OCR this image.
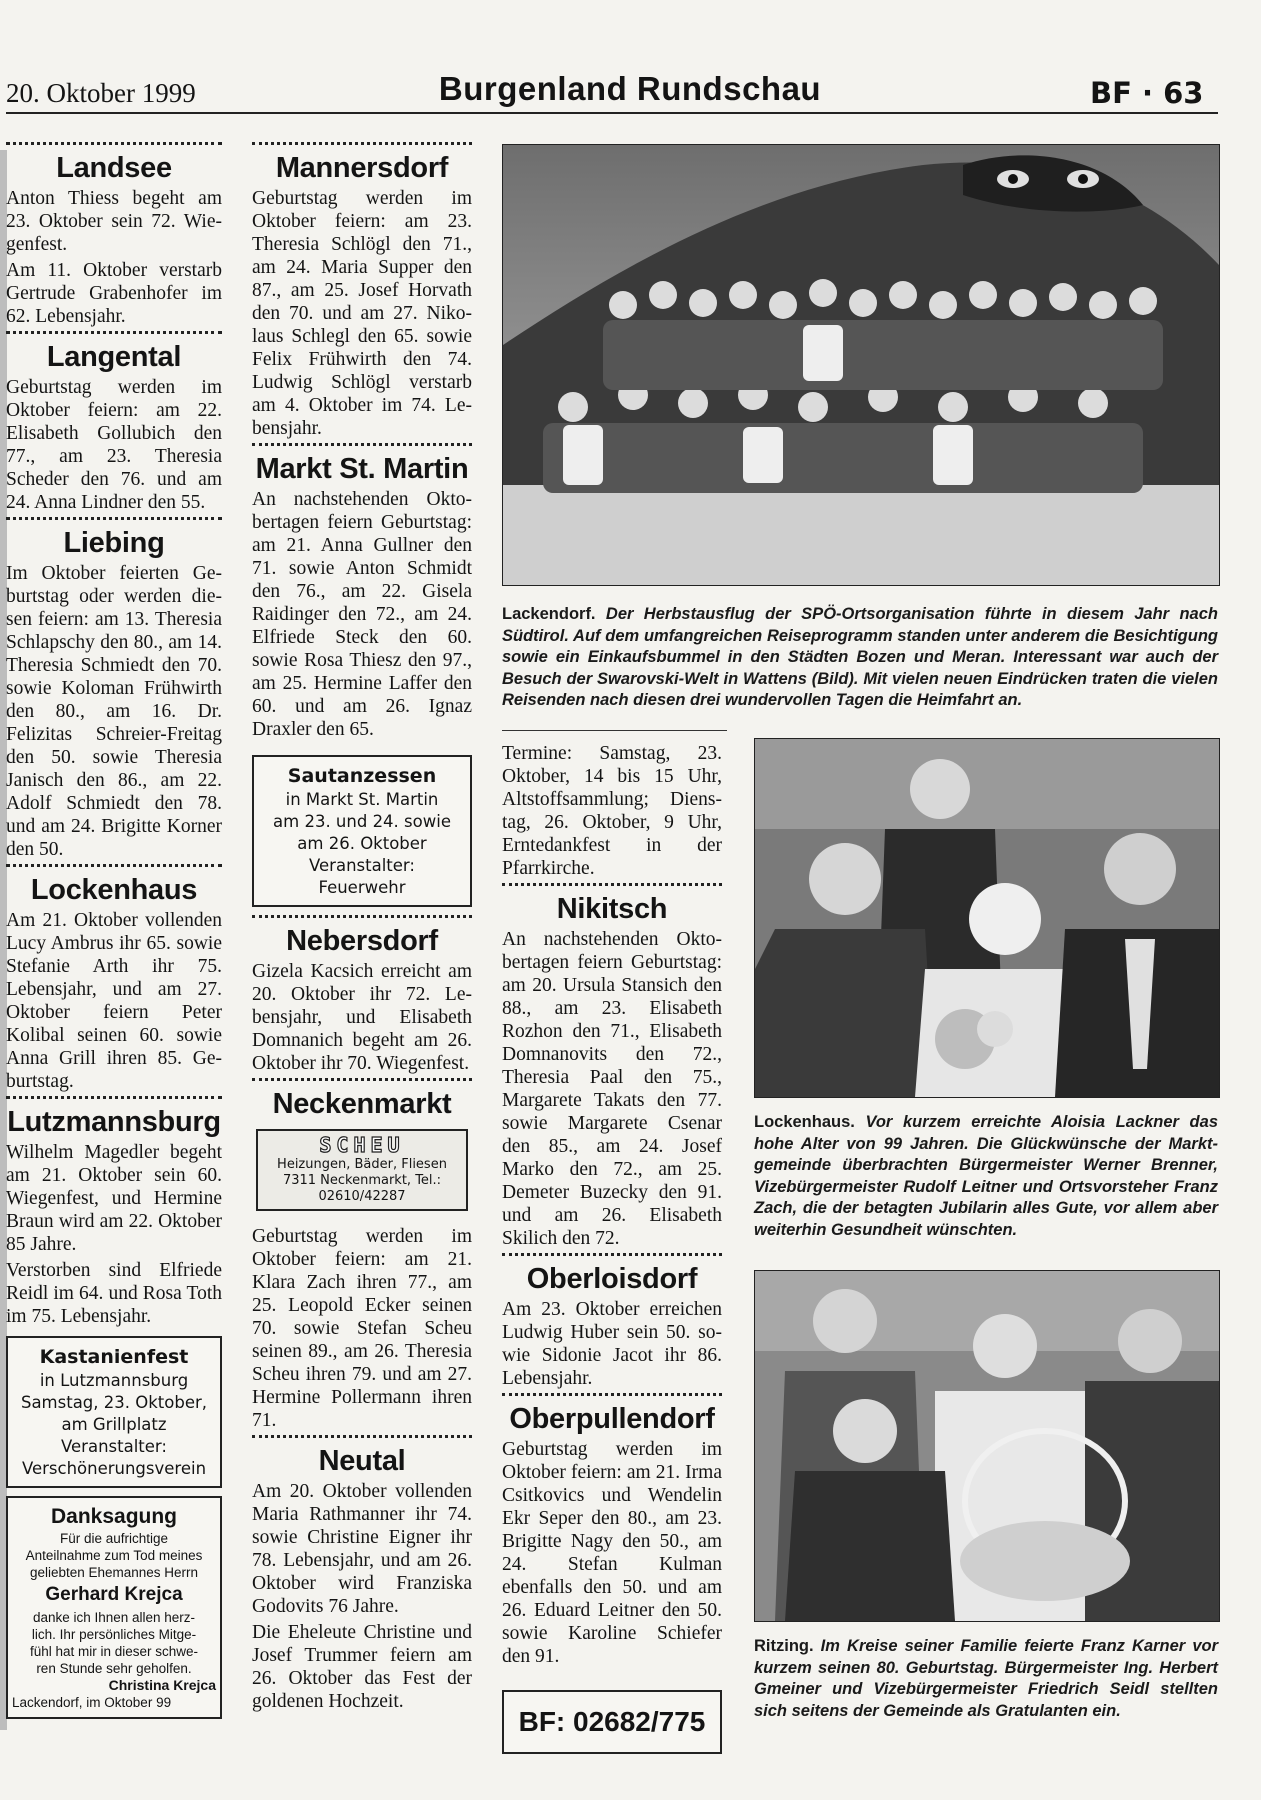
20. Oktober 1999	Burgenland Rundschau	BF · 63
Landsee
Anton Thiess begeht am 23. Oktober sein 72. Wiegenfest.
Am 11. Oktober verstarb Gertrude Grabenhofer im 62. Lebensjahr.
Langental
Geburtstag werden im Oktober feiern: am 22. Elisabeth Gollubich den 77., am 23. Theresia Scheder den 76. und am 24. Anna Lindner den 55.
Liebing
Im Oktober feierten Geburtstag oder werden diesen feiern: am 13. Theresia Schlapschy den 80., am 14. Theresia Schmiedt den 70. sowie Koloman Frühwirth den 80., am 16. Dr. Felizitas Schreier-Freitag den 50. sowie Theresia Janisch den 86., am 22. Adolf Schmiedt den 78. und am 24. Brigitte Korner den 50.
Lockenhaus
Am 21. Oktober vollenden Lucy Ambrus ihr 65. sowie Stefanie Arth ihr 75. Lebensjahr, und am 27. Oktober feiern Peter Kolibal seinen 60. sowie Anna Grill ihren 85. Geburtstag.
Lutzmannsburg
Wilhelm Magedler begeht am 21. Oktober sein 60. Wiegenfest, und Hermine Braun wird am 22. Oktober 85 Jahre.
Verstorben sind Elfriede Reidl im 64. und Rosa Toth im 75. Lebensjahr.
Kastanienfest
in Lutzmannsburg
Samstag, 23. Oktober,
am Grillplatz
Veranstalter:
Verschönerungsverein
Danksagung
Für die aufrichtige
Anteilnahme zum Tod meines
geliebten Ehemannes Herrn
Gerhard Krejca
danke ich Ihnen allen herz-
lich. Ihr persönliches Mitge-
fühl hat mir in dieser schwe-
ren Stunde sehr geholfen.
Christina Krejca
Lackendorf, im Oktober 99
Mannersdorf
Geburtstag werden im Oktober feiern: am 23. Theresia Schlögl den 71., am 24. Maria Supper den 87., am 25. Josef Horvath den 70. und am 27. Nikolaus Schlegl den 65. sowie Felix Frühwirth den 74. Ludwig Schlögl verstarb am 4. Oktober im 74. Lebensjahr.
Markt St. Martin
An nachstehenden Oktobertagen feiern Geburtstag: am 21. Anna Gullner den 71. sowie Anton Schmidt den 76., am 22. Gisela Raidinger den 72., am 24. Elfriede Steck den 60. sowie Rosa Thiesz den 97., am 25. Hermine Laffer den 60. und am 26. Ignaz Draxler den 65.
Sautanzessen
in Markt St. Martin
am 23. und 24. sowie
am 26. Oktober
Veranstalter:
Feuerwehr
Nebersdorf
Gizela Kacsich erreicht am 20. Oktober ihr 72. Lebensjahr, und Elisabeth Domnanich begeht am 26. Oktober ihr 70. Wiegenfest.
Neckenmarkt
SCHEU
Heizungen, Bäder, Fliesen
7311 Neckenmarkt, Tel.: 02610/42287
Geburtstag werden im Oktober feiern: am 21. Klara Zach ihren 77., am 25. Leopold Ecker seinen 70. sowie Stefan Scheu seinen 89., am 26. Theresia Scheu ihren 79. und am 27. Hermine Pollermann ihren 71.
Neutal
Am 20. Oktober vollenden Maria Rathmanner ihr 74. sowie Christine Eigner ihr 78. Lebensjahr, und am 26. Oktober wird Franziska Godovits 76 Jahre.
Die Eheleute Christine und Josef Trummer feiern am 26. Oktober das Fest der goldenen Hochzeit.
Termine: Samstag, 23. Oktober, 14 bis 15 Uhr, Altstoffsammlung; Dienstag, 26. Oktober, 9 Uhr, Erntedankfest in der Pfarrkirche.
Nikitsch
An nachstehenden Oktobertagen feiern Geburtstag: am 20. Ursula Stansich den 88., am 23. Elisabeth Rozhon den 71., Elisabeth Domnanovits den 72., Theresia Paal den 75., Margarete Takats den 77. sowie Margarete Csenar den 85., am 24. Josef Marko den 72., am 25. Demeter Buzecky den 91. und am 26. Elisabeth Skilich den 72.
Oberloisdorf
Am 23. Oktober erreichen Ludwig Huber sein 50. sowie Sidonie Jacot ihr 86. Lebensjahr.
Oberpullendorf
Geburtstag werden im Oktober feiern: am 21. Irma Csitkovics und Wendelin Ekr Seper den 80., am 23. Brigitte Nagy den 50., am 24. Stefan Kulman ebenfalls den 50. und am 26. Eduard Leitner den 50. sowie Karoline Schiefer den 91.
BF: 02682/775
Lackendorf. Der Herbstausflug der SPÖ-Ortsorganisation führte in diesem Jahr nach Südtirol. Auf dem umfangreichen Reiseprogramm standen unter anderem die Besichtigung sowie ein Einkaufsbummel in den Städten Bozen und Meran. Interessant war auch der Besuch der Swarovski-Welt in Wattens (Bild). Mit vielen neuen Eindrücken traten die vielen Reisenden nach diesen drei wundervollen Tagen die Heimfahrt an.
Lockenhaus. Vor kurzem erreichte Aloisia Lackner das hohe Alter von 99 Jahren. Die Glückwünsche der Marktgemeinde überbrachten Bürgermeister Werner Brenner, Vizebürgermeister Rudolf Leitner und Ortsvorsteher Franz Zach, die der betagten Jubilarin alles Gute, vor allem aber weiterhin Gesundheit wünschten.
Ritzing. Im Kreise seiner Familie feierte Franz Karner vor kurzem seinen 80. Geburtstag. Bürgermeister Ing. Herbert Gmeiner und Vizebürgermeister Friedrich Seidl stellten sich seitens der Gemeinde als Gratulanten ein.
